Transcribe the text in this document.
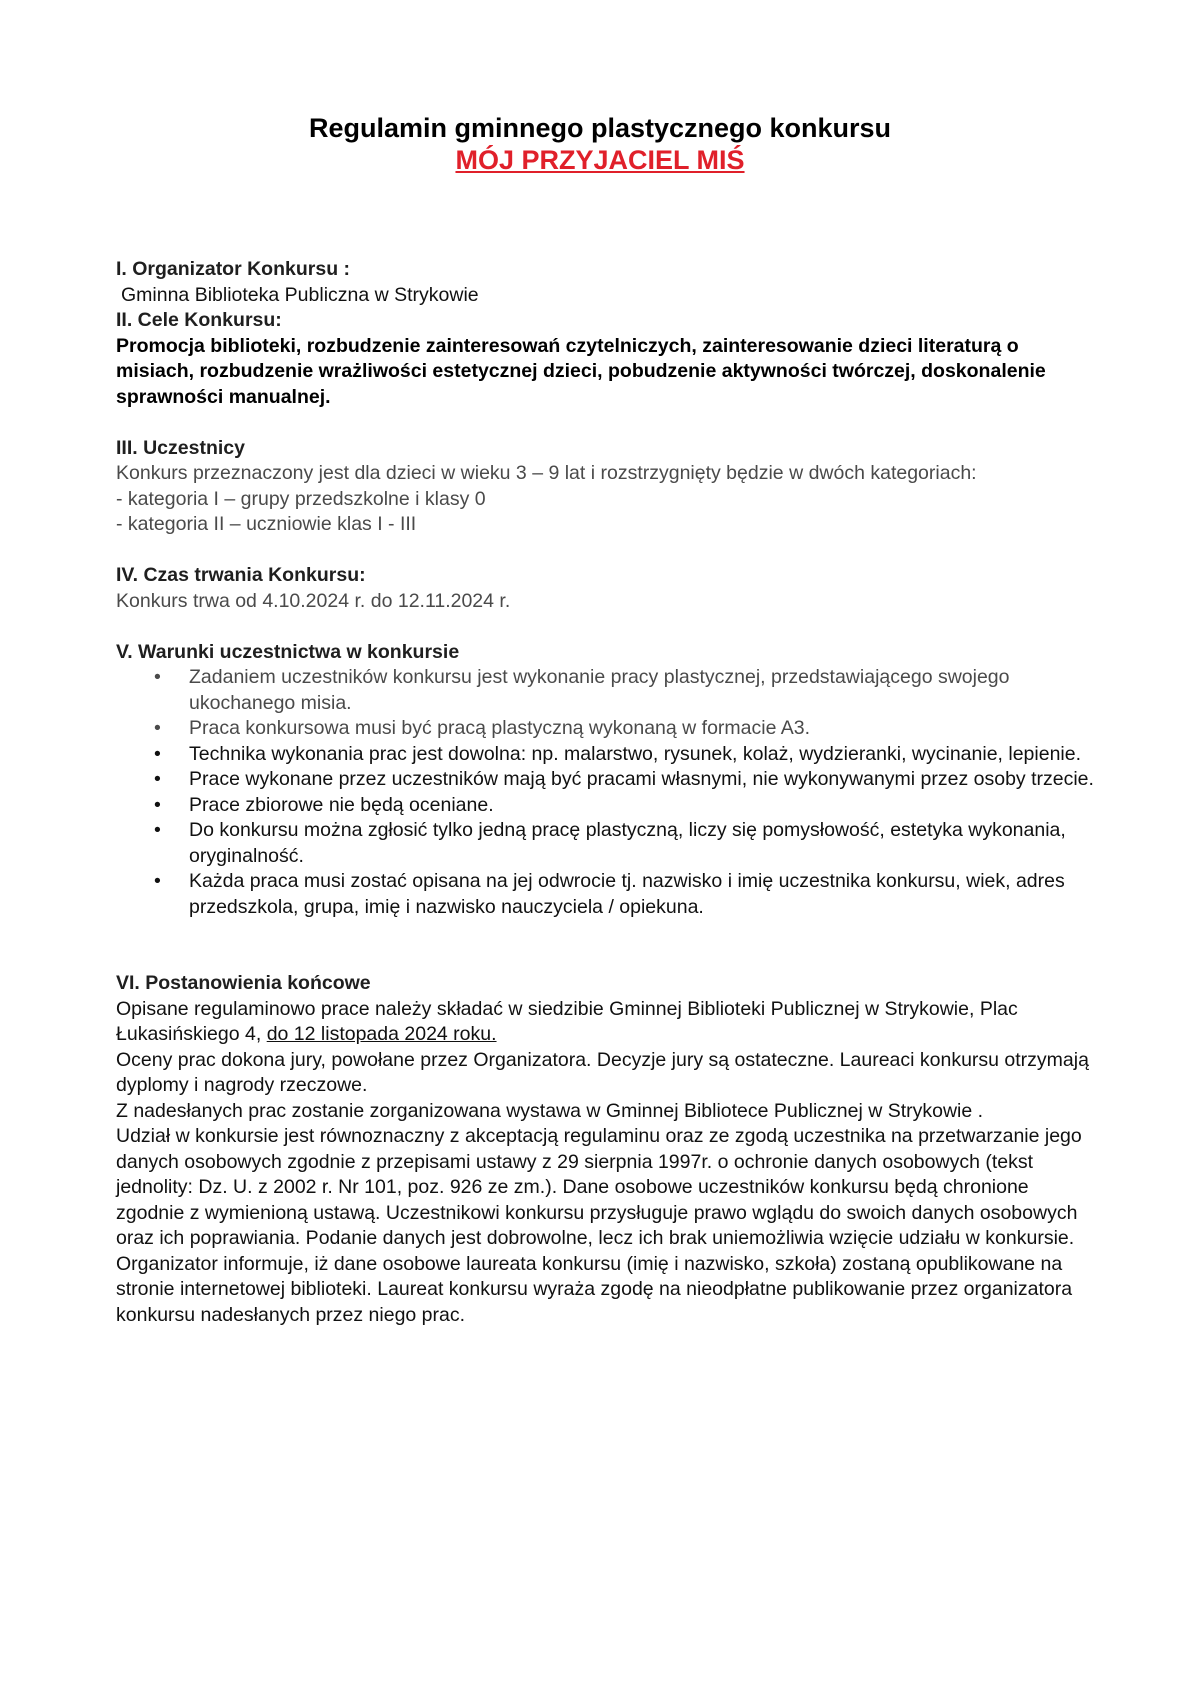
Regulamin gminnego plastycznego konkursu
MÓJ PRZYJACIEL MIŚ
I. Organizator Konkursu :
Gminna Biblioteka Publiczna w Strykowie
II. Cele Konkursu:
Promocja biblioteki, rozbudzenie zainteresowań czytelniczych, zainteresowanie dzieci literaturą o misiach, rozbudzenie wrażliwości estetycznej dzieci, pobudzenie aktywności twórczej, doskonalenie sprawności manualnej.
III. Uczestnicy
Konkurs przeznaczony jest dla dzieci w wieku 3 – 9 lat i rozstrzygnięty będzie w dwóch kategoriach:
- kategoria I – grupy przedszkolne i klasy 0
- kategoria II – uczniowie klas I - III
IV. Czas trwania Konkursu:
Konkurs trwa od 4.10.2024 r. do 12.11.2024 r.
V. Warunki uczestnictwa w konkursie
• Zadaniem uczestników konkursu jest wykonanie pracy plastycznej, przedstawiającego swojego ukochanego misia.
• Praca konkursowa musi być pracą plastyczną wykonaną w formacie A3.
• Technika wykonania prac jest dowolna: np. malarstwo, rysunek, kolaż, wydzieranki, wycinanie, lepienie.
• Prace wykonane przez uczestników mają być pracami własnymi, nie wykonywanymi przez osoby trzecie.
• Prace zbiorowe nie będą oceniane.
• Do konkursu można zgłosić tylko jedną pracę plastyczną, liczy się pomysłowość, estetyka wykonania, oryginalność.
• Każda praca musi zostać opisana na jej odwrocie tj. nazwisko i imię uczestnika konkursu, wiek, adres przedszkola, grupa, imię i nazwisko nauczyciela / opiekuna.
VI. Postanowienia końcowe
Opisane regulaminowo prace należy składać w siedzibie Gminnej Biblioteki Publicznej w Strykowie, Plac Łukasińskiego 4, do 12 listopada 2024 roku.
Oceny prac dokona jury, powołane przez Organizatora. Decyzje jury są ostateczne. Laureaci konkursu otrzymają dyplomy i nagrody rzeczowe.
Z nadesłanych prac zostanie zorganizowana wystawa w Gminnej Bibliotece Publicznej w Strykowie .
Udział w konkursie jest równoznaczny z akceptacją regulaminu oraz ze zgodą uczestnika na przetwarzanie jego danych osobowych zgodnie z przepisami ustawy z 29 sierpnia 1997r. o ochronie danych osobowych (tekst jednolity: Dz. U. z 2002 r. Nr 101, poz. 926 ze zm.). Dane osobowe uczestników konkursu będą chronione zgodnie z wymienioną ustawą. Uczestnikowi konkursu przysługuje prawo wglądu do swoich danych osobowych oraz ich poprawiania. Podanie danych jest dobrowolne, lecz ich brak uniemożliwia wzięcie udziału w konkursie. Organizator informuje, iż dane osobowe laureata konkursu (imię i nazwisko, szkoła) zostaną opublikowane na stronie internetowej biblioteki. Laureat konkursu wyraża zgodę na nieodpłatne publikowanie przez organizatora konkursu nadesłanych przez niego prac.
